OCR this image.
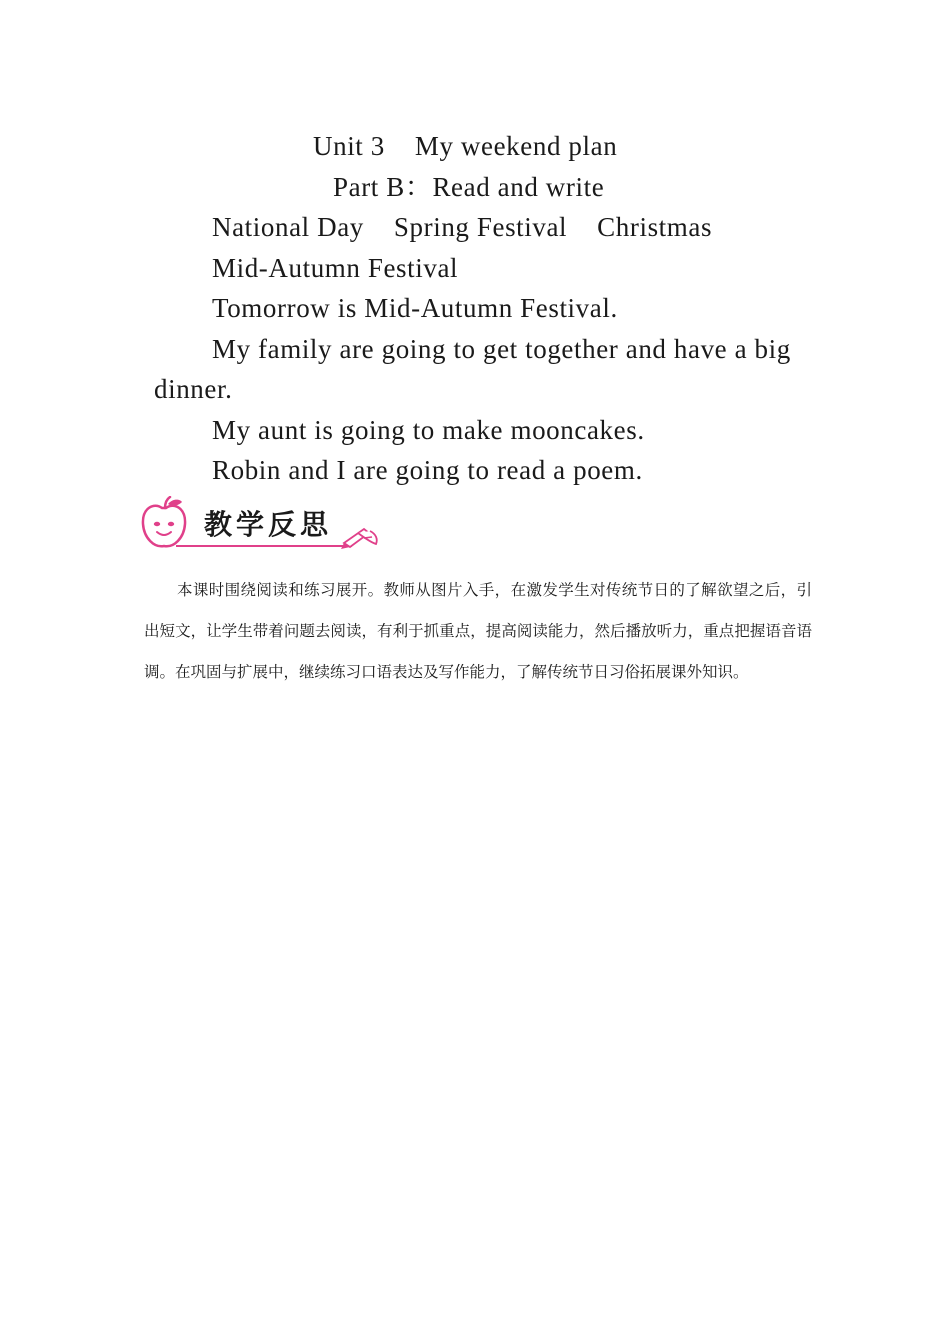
Unit 3 My weekend plan
Part B：Read and write
National Day Spring Festival Christmas
Mid-Autumn Festival
Tomorrow is Mid-Autumn Festival.
My family are going to get together and have a big
dinner.
My aunt is going to make mooncakes.
Robin and I are going to read a poem.
教学反思
本课时围绕阅读和练习展开。教师从图片入手，在激发学生对传统节日的了解欲望之后，引出短文，让学生带着问题去阅读，有利于抓重点，提高阅读能力，然后播放听力，重点把握语音语调。在巩固与扩展中，继续练习口语表达及写作能力，了解传统节日习俗拓展课外知识。
